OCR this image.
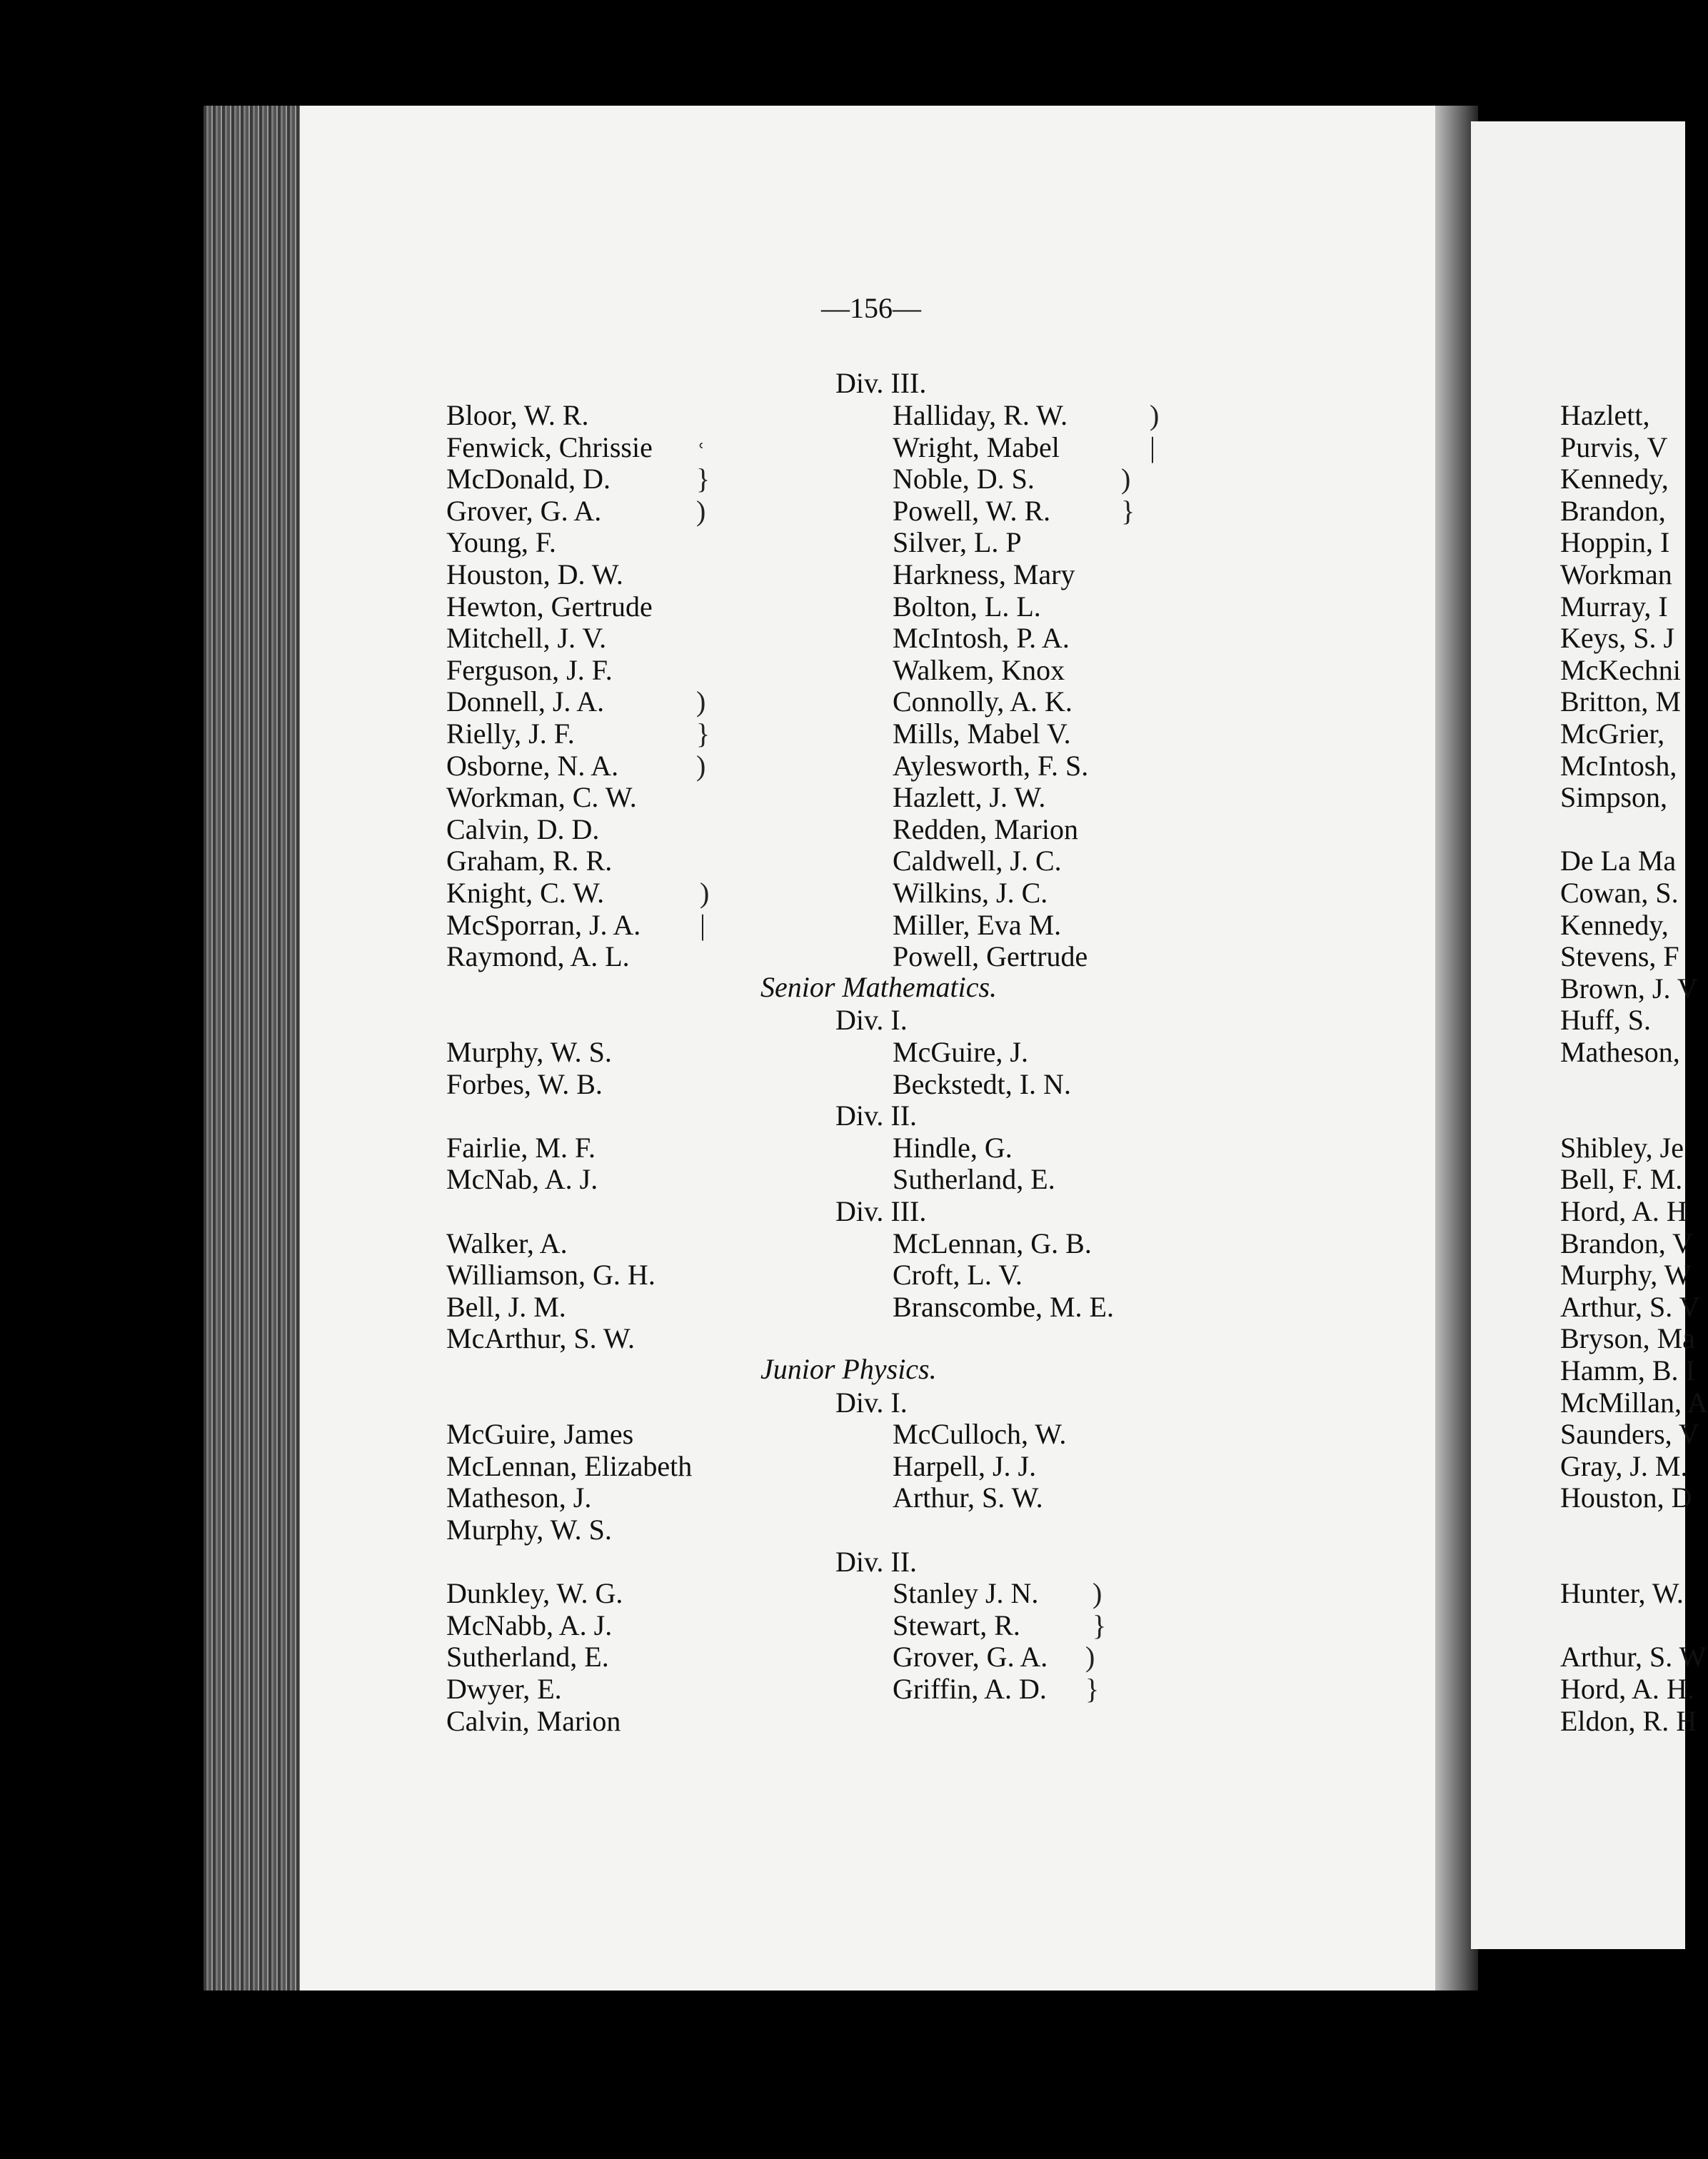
—156—
Bloor, W. R.
Fenwick, Chrissie
McDonald, D.
Grover, G. A.
Young, F.
Houston, D. W.
Hewton, Gertrude
Mitchell, J. V.
Ferguson, J. F.
Donnell, J. A.
Rielly, J. F.
Osborne, N. A.
Workman, C. W.
Calvin, D. D.
Graham, R. R.
Knight, C. W.
McSporran, J. A.
Raymond, A. L.
Murphy, W. S.
Forbes, W. B.
Fairlie, M. F.
McNab, A. J.
Walker, A.
Williamson, G. H.
Bell, J. M.
McArthur, S. W.
McGuire, James
McLennan, Elizabeth
Matheson, J.
Murphy, W. S.
Dunkley, W. G.
McNabb, A. J.
Sutherland, E.
Dwyer, E.
Calvin, Marion
Halliday, R. W.
Wright, Mabel
Noble, D. S.
Powell, W. R.
Silver, L. P
Harkness, Mary
Bolton, L. L.
McIntosh, P. A.
Walkem, Knox
Connolly, A. K.
Mills, Mabel V.
Aylesworth, F. S.
Hazlett, J. W.
Redden, Marion
Caldwell, J. C.
Wilkins, J. C.
Miller, Eva M.
Powell, Gertrude
McGuire, J.
Beckstedt, I. N.
Hindle, G.
Sutherland, E.
McLennan, G. B.
Croft, L. V.
Branscombe, M. E.
McCulloch, W.
Harpell, J. J.
Arthur, S. W.
Stanley J. N.
Stewart, R.
Grover, G. A.
Griffin, A. D.
Div. III.
Senior Mathematics.
Div. I.
Div. II.
Div. III.
Junior Physics.
Div. I.
Div. II.
ʿ
}
)
)
}
)
)
|
)
|
)
}
)
}
)
}
Hazlett,
Purvis, V
Kennedy,
Brandon,
Hoppin, I
Workman
Murray, I
Keys, S. J
McKechni
Britton, M
McGrier,
McIntosh,
Simpson,
De La Ma
Cowan, S.
Kennedy,
Stevens, F
Brown, J. V
Huff, S.
Matheson,
Shibley, Je
Bell, F. M.
Hord, A. H
Brandon, V
Murphy, W
Arthur, S. V
Bryson, Ma
Hamm, B. I
McMillan, A
Saunders, V
Gray, J. M.
Houston, D
Hunter, W.
Arthur, S. W
Hord, A. H.
Eldon, R. H
